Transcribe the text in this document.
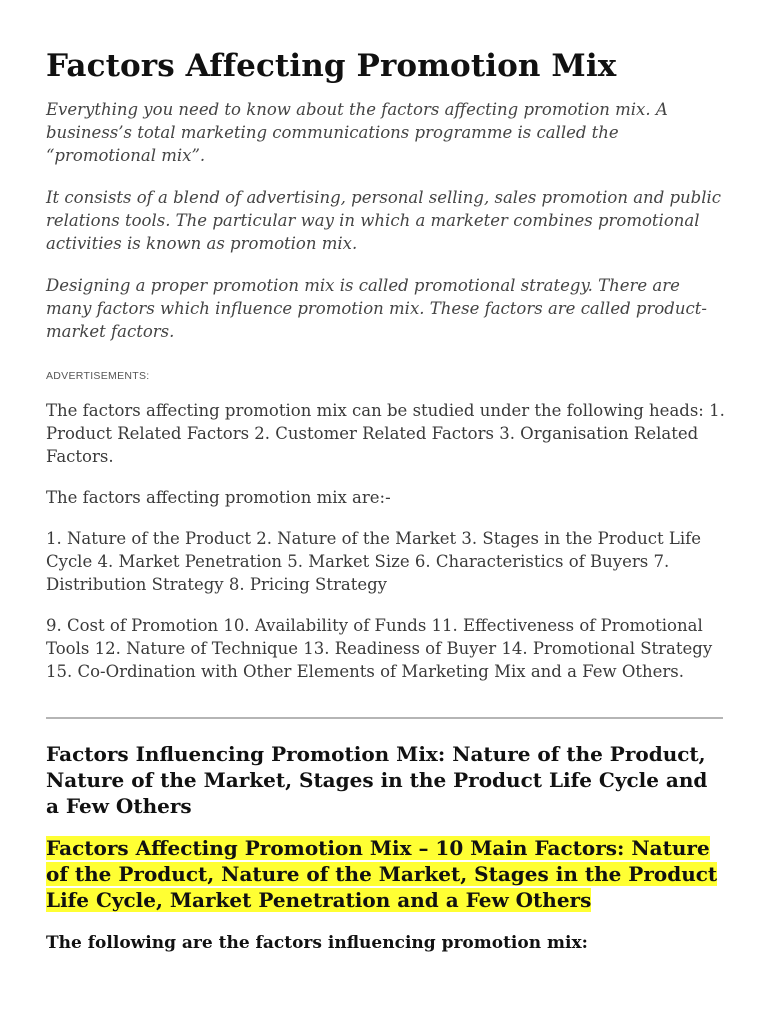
Factors Affecting Promotion Mix

Everything you need to know about the factors affecting promotion mix. A business’s total marketing communications programme is called the “promotional mix”.

It consists of a blend of advertising, personal selling, sales promotion and public relations tools. The particular way in which a marketer combines promotional activities is known as promotion mix.

Designing a proper promotion mix is called promotional strategy. There are many factors which influence promotion mix. These factors are called product-market factors.

ADVERTISEMENTS:

The factors affecting promotion mix can be studied under the following heads: 1. Product Related Factors 2. Customer Related Factors 3. Organisation Related Factors.

The factors affecting promotion mix are:-

1. Nature of the Product 2. Nature of the Market 3. Stages in the Product Life Cycle 4. Market Penetration 5. Market Size 6. Characteristics of Buyers 7. Distribution Strategy 8. Pricing Strategy

9. Cost of Promotion 10. Availability of Funds 11. Effectiveness of Promotional Tools 12. Nature of Technique 13. Readiness of Buyer 14. Promotional Strategy 15. Co-Ordination with Other Elements of Marketing Mix and a Few Others.

Factors Influencing Promotion Mix: Nature of the Product, Nature of the Market, Stages in the Product Life Cycle and a Few Others
Factors Affecting Promotion Mix – 10 Main Factors: Nature of the Product, Nature of the Market, Stages in the Product Life Cycle, Market Penetration and a Few Others

The following are the factors influencing promotion mix:
